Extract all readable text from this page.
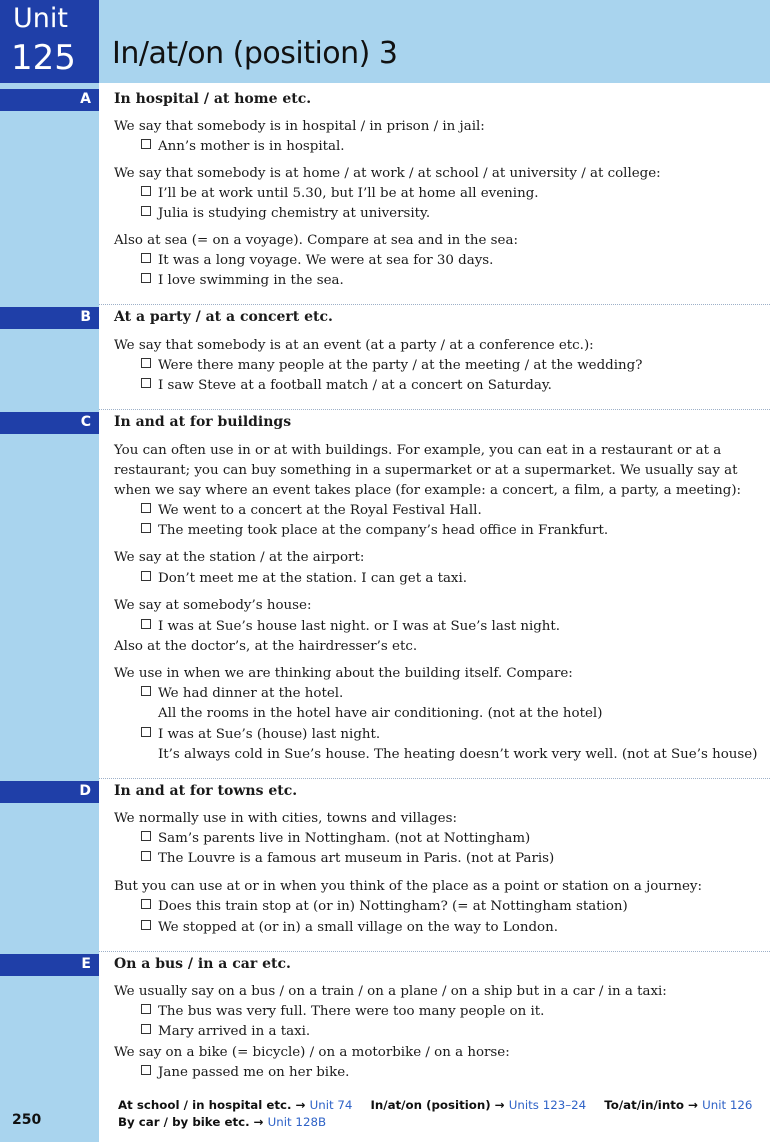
Unit
125 In/at/on (position) 3
A In hospital / at home etc.
We say that somebody is in hospital / in prison / in jail:
Ann’s mother is in hospital.
We say that somebody is at home / at work / at school / at university / at college:
I’ll be at work until 5.30, but I’ll be at home all evening.
Julia is studying chemistry at university.
Also at sea (= on a voyage). Compare at sea and in the sea:
It was a long voyage. We were at sea for 30 days.
I love swimming in the sea.
B At a party / at a concert etc.
We say that somebody is at an event (at a party / at a conference etc.):
Were there many people at the party / at the meeting / at the wedding?
I saw Steve at a football match / at a concert on Saturday.
C In and at for buildings
You can often use in or at with buildings. For example, you can eat in a restaurant or at a
restaurant; you can buy something in a supermarket or at a supermarket. We usually say at
when we say where an event takes place (for example: a concert, a film, a party, a meeting):
We went to a concert at the Royal Festival Hall.
The meeting took place at the company’s head office in Frankfurt.
We say at the station / at the airport:
Don’t meet me at the station. I can get a taxi.
We say at somebody’s house:
I was at Sue’s house last night. or I was at Sue’s last night.
Also at the doctor’s, at the hairdresser’s etc.
We use in when we are thinking about the building itself. Compare:
We had dinner at the hotel.
All the rooms in the hotel have air conditioning. (not at the hotel)
I was at Sue’s (house) last night.
It’s always cold in Sue’s house. The heating doesn’t work very well. (not at Sue’s house)
D In and at for towns etc.
We normally use in with cities, towns and villages:
Sam’s parents live in Nottingham. (not at Nottingham)
The Louvre is a famous art museum in Paris. (not at Paris)
But you can use at or in when you think of the place as a point or station on a journey:
Does this train stop at (or in) Nottingham? (= at Nottingham station)
We stopped at (or in) a small village on the way to London.
E On a bus / in a car etc.
We usually say on a bus / on a train / on a plane / on a ship but in a car / in a taxi:
The bus was very full. There were too many people on it.
Mary arrived in a taxi.
We say on a bike (= bicycle) / on a motorbike / on a horse:
Jane passed me on her bike.
250
At school / in hospital etc. → Unit 74 In/at/on (position) → Units 123–24 To/at/in/into → Unit 126
By car / by bike etc. → Unit 128B
